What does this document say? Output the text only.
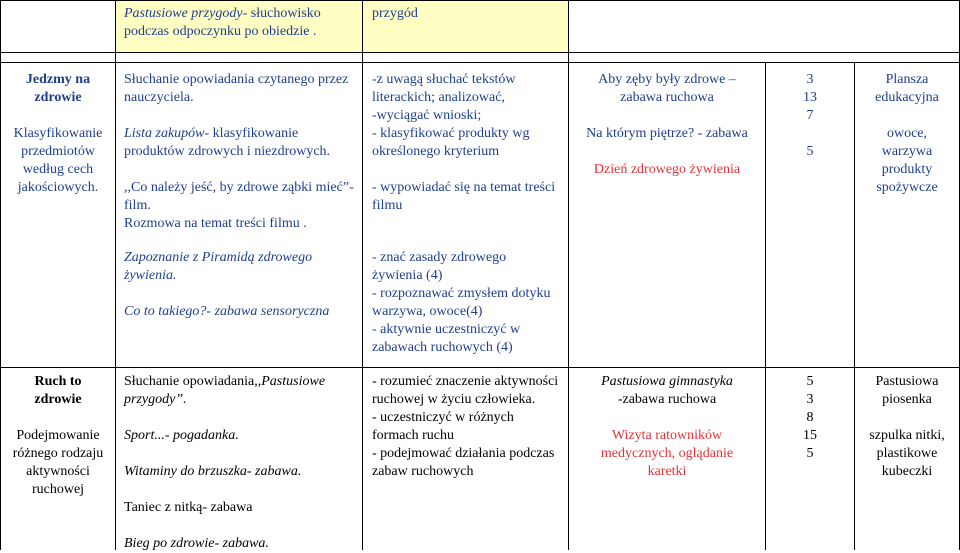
Pastusiowe przygody- słuchowisko podczas odpoczynku po obiedzie .
przygód

Jedzmy na zdrowie

Klasyfikowanie

przedmiotów

według cech

jakościowych.

Słuchanie opowiadania czytanego przez nauczyciela.

Lista zakupów- klasyfikowanie produktów zdrowych i niezdrowych.

,,Co należy jeść, by zdrowe ząbki mieć”- film.

Rozmowa na temat treści filmu .

-z uwagą słuchać tekstów literackich; analizować,

-wyciągać wnioski;

- klasyfikować produkty wg określonego kryterium

- wypowiadać się na temat treści filmu

Aby zęby były zdrowe – zabawa ruchowa

Na którym piętrze? - zabawa

Dzień zdrowego żywienia

3

13

7

5

Plansza edukacyjna

owoce, warzywa produkty spożywcze

Zapoznanie z Piramidą zdrowego żywienia.

Co to takiego?- zabawa sensoryczna

- znać zasady zdrowego żywienia (4)

- rozpoznawać zmysłem dotyku warzywa, owoce(4)

- aktywnie uczestniczyć w zabawach ruchowych (4)

Ruch to zdrowie

Podejmowanie

różnego rodzaju

aktywności

ruchowej

Słuchanie opowiadania,,Pastusiowe przygody”.

Sport...- pogadanka.

Witaminy do brzuszka- zabawa.

Taniec z nitką- zabawa

Bieg po zdrowie- zabawa.

- rozumieć znaczenie aktywności ruchowej w życiu człowieka.

- uczestniczyć w różnych formach ruchu

- podejmować działania podczas zabaw ruchowych

Pastusiowa gimnastyka

-zabawa ruchowa

Wizyta ratowników medycznych, oglądanie karetki

5

3

8

15

5

Pastusiowa piosenka

szpulka nitki, plastikowe kubeczki
